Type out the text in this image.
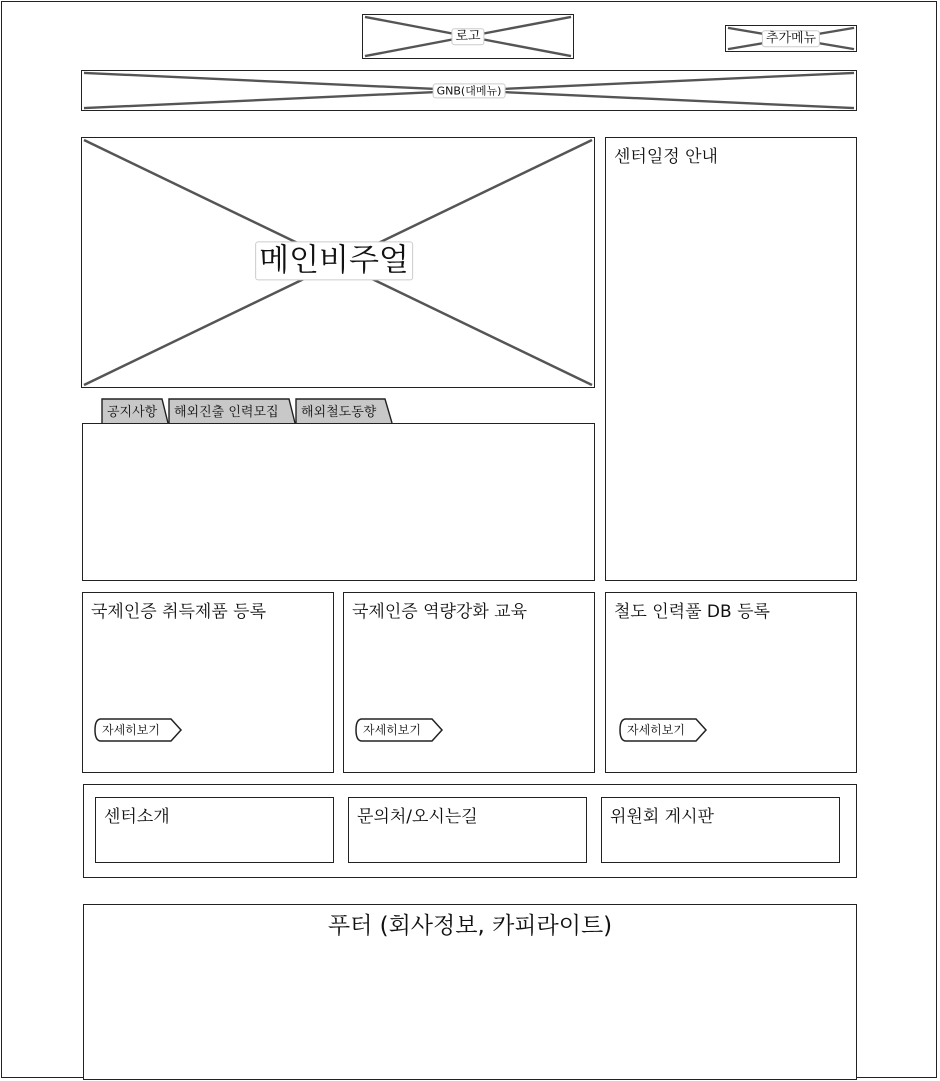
로고	추가메뉴
GNB(대메뉴)
메인비주얼
센터일정 안내
공지사항 해외진출 인력모집 해외철도동향
국제인증 취득제품 등록
자세히보기
국제인증 역량강화 교육
자세히보기
철도 인력풀 DB 등록
자세히보기
센터소개	문의처/오시는길	위원회 게시판
푸터 (회사정보, 카피라이트)
